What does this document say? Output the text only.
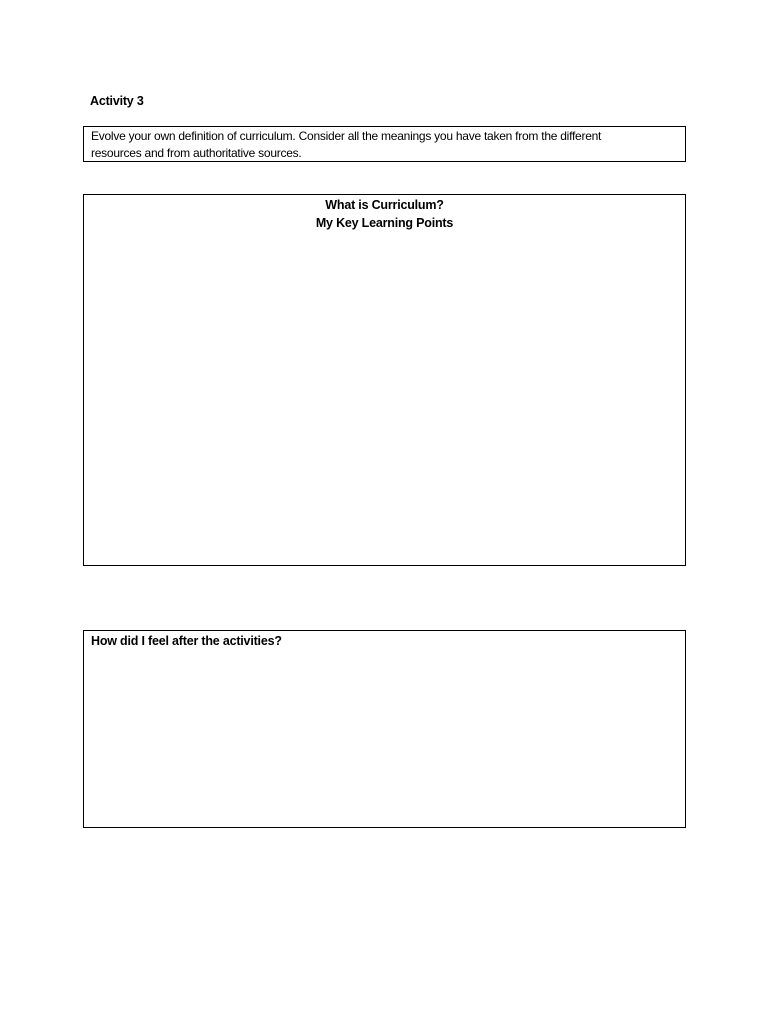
Activity 3
Evolve your own definition of curriculum. Consider all the meanings you have taken from the different
resources and from authoritative sources.
What is Curriculum?
My Key Learning Points
How did I feel after the activities?
